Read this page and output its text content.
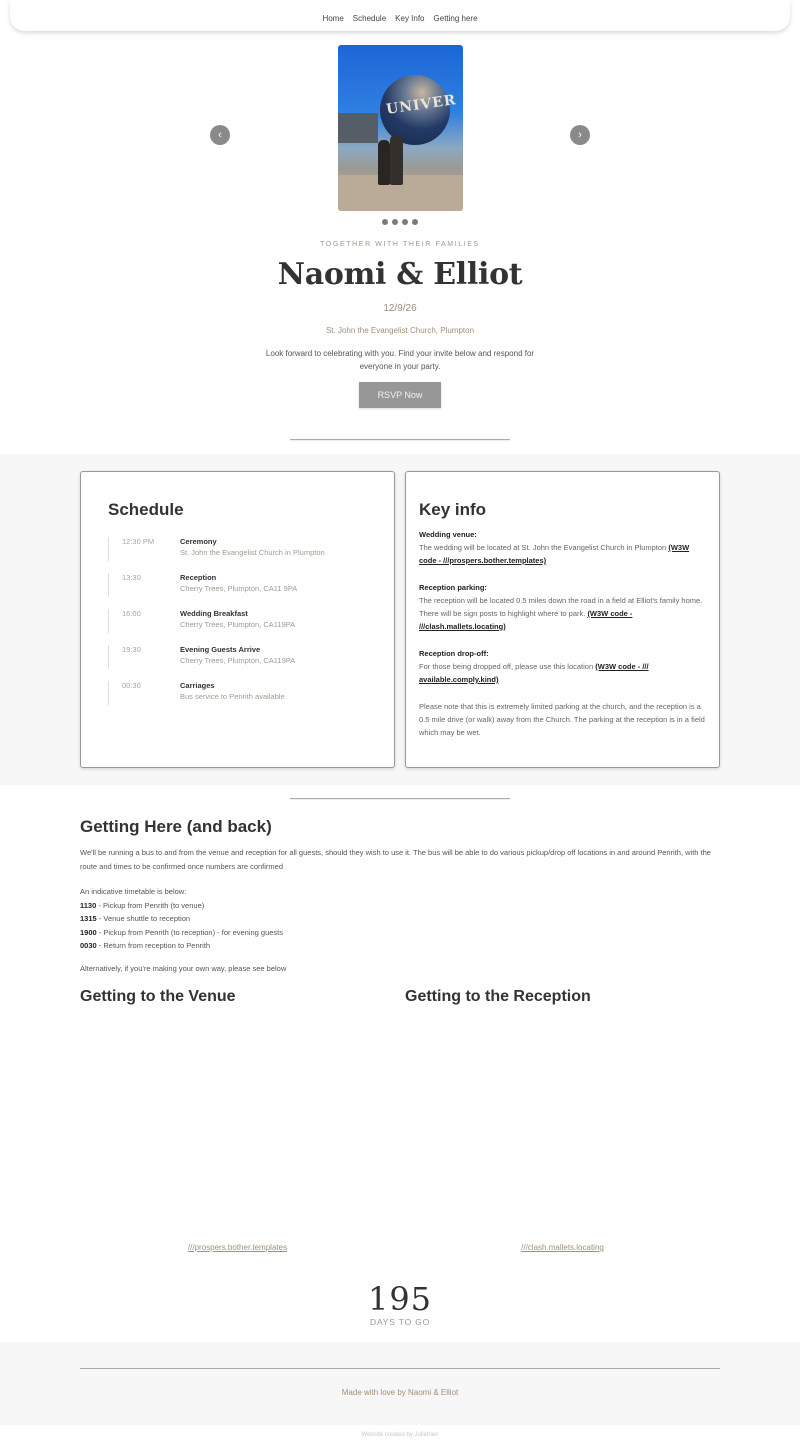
Home Schedule Key Info Getting here
‹
UNIVER
›
TOGETHER WITH THEIR FAMILIES
Naomi & Elliot
12/9/26
St. John the Evangelist Church, Plumpton

Look forward to celebrating with you. Find your invite below and respond for everyone in your party.

RSVP Now
Schedule
12:30 PM	Ceremony
St. John the Evangelist Church in Plumpton
13:30	Reception
Cherry Trees, Plumpton, CA11 9PA
16:00	Wedding Breakfast
Cherry Trees, Plumpton, CA119PA
19:30	Evening Guests Arrive
Cherry Trees, Plumpton, CA119PA
00:30	Carriages
Bus service to Penrith available
Key info
Wedding venue:
The wedding will be located at St. John the Evangelist Church in Plumpton (W3W code - ///prospers.bother.templates)
Reception parking:
The reception will be located 0.5 miles down the road in a field at Elliot's family home. There will be sign posts to highlight where to park. (W3W code - ///clash.mallets.locating)
Reception drop-off:
For those being dropped off, please use this location (W3W code - /// available.comply.kind)
Please note that this is extremely limited parking at the church, and the reception is a 0.5 mile drive (or walk) away from the Church. The parking at the reception is in a field which may be wet.
Getting Here (and back)

We'll be running a bus to and from the venue and reception for all guests, should they wish to use it. The bus will be able to do various pickup/drop off locations in and around Penrith, with the route and times to be confirmed once numbers are confirmed

An indicative timetable is below:
1130 - Pickup from Penrith (to venue)
1315 - Venue shuttle to reception
1900 - Pickup from Penrith (to reception) - for evening guests
0030 - Return from reception to Penrith

Alternatively, if you're making your own way, please see below

Getting to the Venue	Getting to the Reception
///prospers.bother.templates	///clash.mallets.locating
195
DAYS TO GO
Made with love by Naomi & Elliot
Website created by Juliethen
